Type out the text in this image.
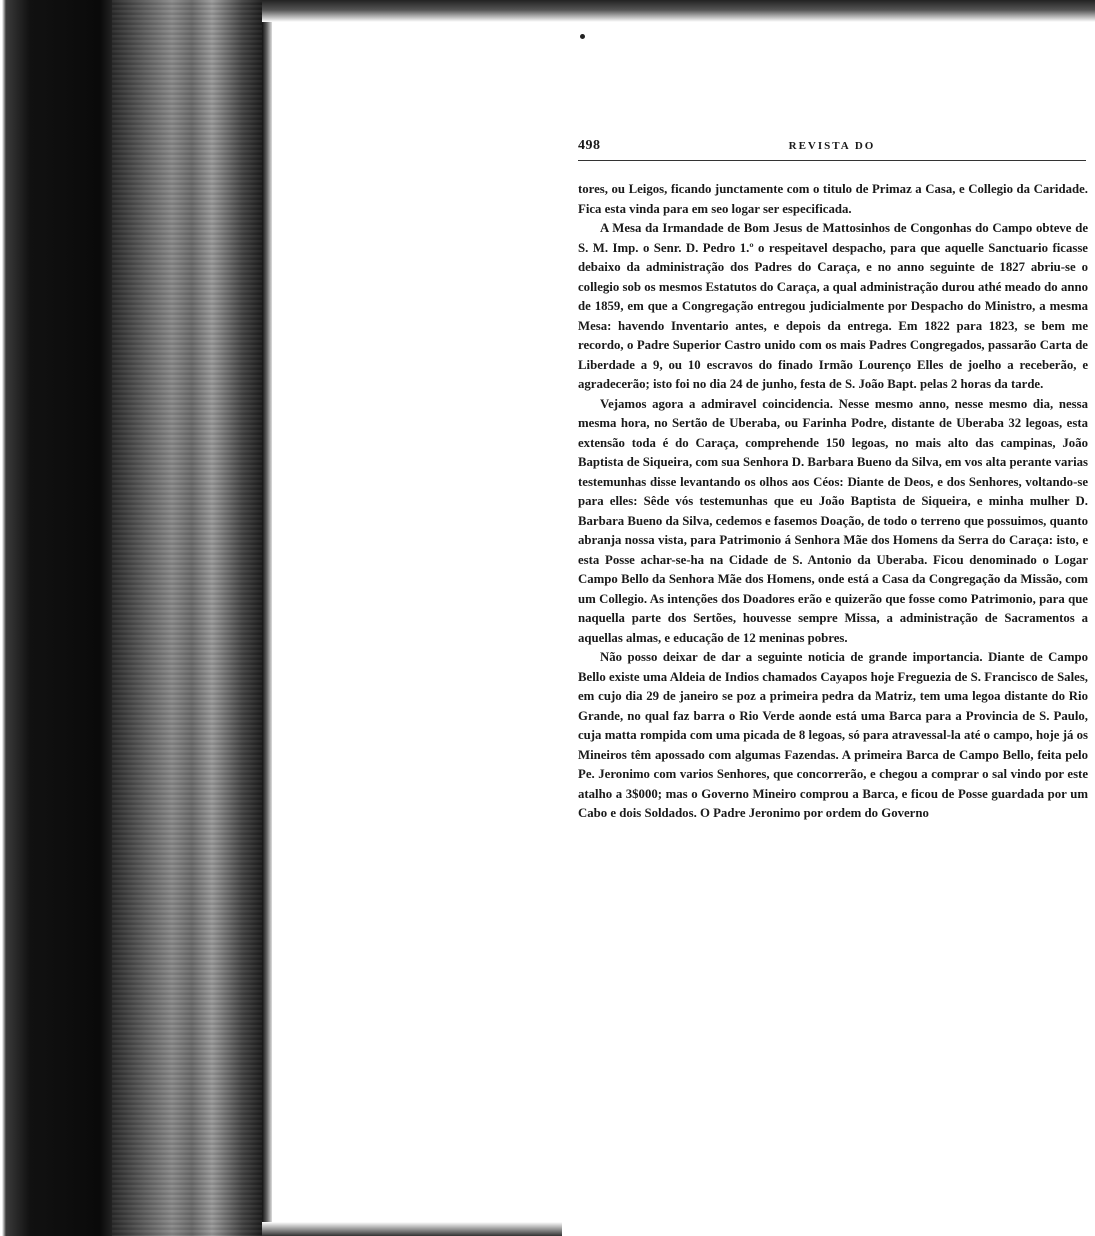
498	REVISTA DO

tores, ou Leigos, ficando junctamente com o titulo de Primaz a Casa, e Collegio da Caridade. Fica esta vinda para em seo logar ser especificada.

A Mesa da Irmandade de Bom Jesus de Mattosinhos de Congonhas do Campo obteve de S. M. Imp. o Senr. D. Pedro 1.º o respeitavel despacho, para que aquelle Sanctuario ficasse debaixo da administração dos Padres do Caraça, e no anno seguinte de 1827 abriu-se o collegio sob os mesmos Estatutos do Caraça, a qual administração durou athé meado do anno de 1859, em que a Congregação entregou judicialmente por Despacho do Ministro, a mesma Mesa: havendo Inventario antes, e depois da entrega. Em 1822 para 1823, se bem me recordo, o Padre Superior Castro unido com os mais Padres Congregados, passarão Carta de Liberdade a 9, ou 10 escravos do finado Irmão Lourenço Elles de joelho a receberão, e agradecerão; isto foi no dia 24 de junho, festa de S. João Bapt. pelas 2 horas da tarde.

Vejamos agora a admiravel coincidencia. Nesse mesmo anno, nesse mesmo dia, nessa mesma hora, no Sertão de Uberaba, ou Farinha Podre, distante de Uberaba 32 legoas, esta extensão toda é do Caraça, comprehende 150 legoas, no mais alto das campinas, João Baptista de Siqueira, com sua Senhora D. Barbara Bueno da Silva, em vos alta perante varias testemunhas disse levantando os olhos aos Céos: Diante de Deos, e dos Senhores, voltando-se para elles: Sêde vós testemunhas que eu João Baptista de Siqueira, e minha mulher D. Barbara Bueno da Silva, cedemos e fasemos Doação, de todo o terreno que possuimos, quanto abranja nossa vista, para Patrimonio á Senhora Mãe dos Homens da Serra do Caraça: isto, e esta Posse achar-se-ha na Cidade de S. Antonio da Uberaba. Ficou denominado o Logar Campo Bello da Senhora Mãe dos Homens, onde está a Casa da Congregação da Missão, com um Collegio. As intenções dos Doadores erão e quizerão que fosse como Patrimonio, para que naquella parte dos Sertões, houvesse sempre Missa, a administração de Sacramentos a aquellas almas, e educação de 12 meninas pobres.

Não posso deixar de dar a seguinte noticia de grande importancia. Diante de Campo Bello existe uma Aldeia de Indios chamados Cayapos hoje Freguezia de S. Francisco de Sales, em cujo dia 29 de janeiro se poz a primeira pedra da Matriz, tem uma legoa distante do Rio Grande, no qual faz barra o Rio Verde aonde está uma Barca para a Provincia de S. Paulo, cuja matta rompida com uma picada de 8 legoas, só para atravessal-la até o campo, hoje já os Mineiros têm apossado com algumas Fazendas. A primeira Barca de Campo Bello, feita pelo Pe. Jeronimo com varios Senhores, que concorrerão, e chegou a comprar o sal vindo por este atalho a 3$000; mas o Governo Mineiro comprou a Barca, e ficou de Posse guardada por um Cabo e dois Soldados. O Padre Jeronimo por ordem do Governo
